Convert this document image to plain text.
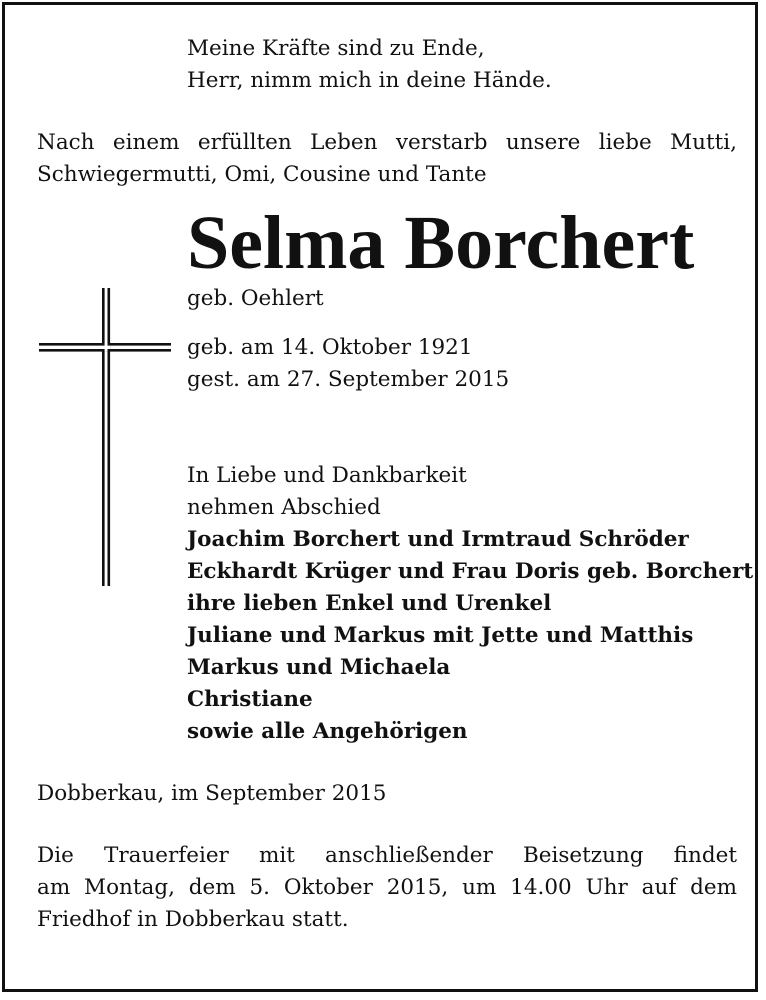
Meine Kräfte sind zu Ende,
Herr, nimm mich in deine Hände.
Nach einem erfüllten Leben verstarb unsere liebe Mutti,
Schwiegermutti, Omi, Cousine und Tante
Selma Borchert
geb. Oehlert
geb. am 14. Oktober 1921
gest. am 27. September 2015
In Liebe und Dankbarkeit
nehmen Abschied
Joachim Borchert und Irmtraud Schröder
Eckhardt Krüger und Frau Doris geb. Borchert
ihre lieben Enkel und Urenkel
Juliane und Markus mit Jette und Matthis
Markus und Michaela
Christiane
sowie alle Angehörigen
Dobberkau, im September 2015
Die Trauerfeier mit anschließender Beisetzung findet
am Montag, dem 5. Oktober 2015, um 14.00 Uhr auf dem
Friedhof in Dobberkau statt.
